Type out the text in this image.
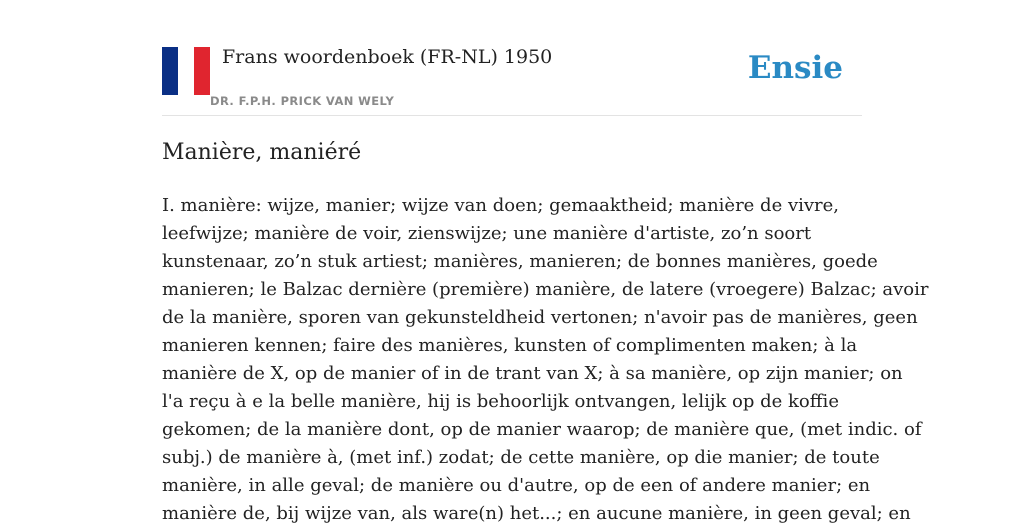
Frans woordenboek (FR-NL) 1950
DR. F.P.H. PRICK VAN WELY
Ensie
Manière, maniéré

I. manière: wijze, manier; wijze van doen; gemaaktheid; manière de vivre,
leefwijze; manière de voir, zienswijze; une manière d'artiste, zo’n soort
kunstenaar, zo’n stuk artiest; manières, manieren; de bonnes manières, goede
manieren; le Balzac dernière (première) manière, de latere (vroegere) Balzac; avoir
de la manière, sporen van gekunsteldheid vertonen; n'avoir pas de manières, geen
manieren kennen; faire des manières, kunsten of complimenten maken; à la
manière de X, op de manier of in de trant van X; à sa manière, op zijn manier; on
l'a reçu à e la belle manière, hij is behoorlijk ontvangen, lelijk op de koffie
gekomen; de la manière dont, op de manier waarop; de manière que, (met indic. of
subj.) de manière à, (met inf.) zodat; de cette manière, op die manier; de toute
manière, in alle geval; de manière ou d'autre, op de een of andere manier; en
manière de, bij wijze van, als ware(n) het...; en aucune manière, in geen geval; en
